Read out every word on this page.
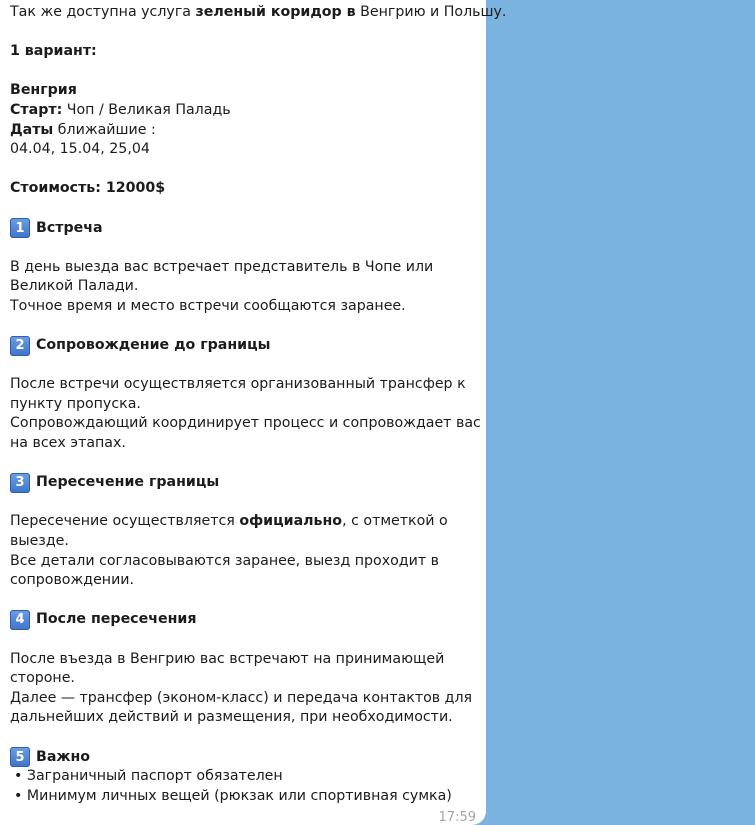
Так же доступна услуга зеленый коридор в Венгрию и Польшу.
1 вариант:
Венгрия
Старт: Чоп / Великая Паладь
Даты ближайшие :
04.04, 15.04, 25,04
Стоимость: 12000$
1 Встреча
В день выезда вас встречает представитель в Чопе или
Великой Палади.
Точное время и место встречи сообщаются заранее.
2 Сопровождение до границы
После встречи осуществляется организованный трансфер к
пункту пропуска.
Сопровождающий координирует процесс и сопровождает вас
на всех этапах.
3 Пересечение границы
Пересечение осуществляется официально, с отметкой о
выезде.
Все детали согласовываются заранее, выезд проходит в
сопровождении.
4 После пересечения
После въезда в Венгрию вас встречают на принимающей
стороне.
Далее — трансфер (эконом-класс) и передача контактов для
дальнейших действий и размещения, при необходимости.
5 Важно
• Заграничный паспорт обязателен
• Минимум личных вещей (рюкзак или спортивная сумка)
17:59
